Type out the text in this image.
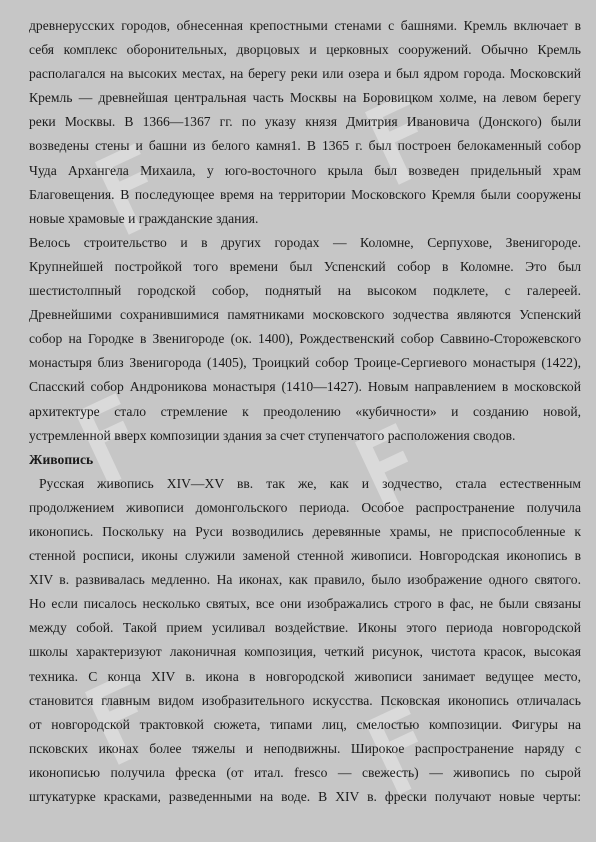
древнерусских городов, обнесенная крепостными стенами с башнями. Кремль включает в
себя комплекс оборонительных, дворцовых и церковных сооружений. Обычно Кремль
располагался на высоких местах, на берегу реки или озера и был ядром города. Московский
Кремль — древнейшая центральная часть Москвы на Боровицком холме, на левом берегу
реки Москвы. В 1366—1367 гг. по указу князя Дмитрия Ивановича (Донского) были
возведены стены и башни из белого камня1. В 1365 г. был построен белокаменный собор
Чуда Архангела Михаила, у юго-восточного крыла был возведен придельный храм
Благовещения. В последующее время на территории Московского Кремля были сооружены
новые храмовые и гражданские здания.

Велось строительство и в других городах — Коломне, Серпухове, Звенигороде.
Крупнейшей постройкой того времени был Успенский собор в Коломне. Это был
шестистолпный городской собор, поднятый на высоком подклете, с галереей.
Древнейшими сохранившимися памятниками московского зодчества являются Успенский
собор на Городке в Звенигороде (ок. 1400), Рождественский собор Саввино-Сторожевского
монастыря близ Звенигорода (1405), Троицкий собор Троице-Сергиевого монастыря (1422),
Спасский собор Андроникова монастыря (1410—1427). Новым направлением в московской
архитектуре стало стремление к преодолению «кубичности» и созданию новой,
устремленной вверх композиции здания за счет ступенчатого расположения сводов.

Живопись

Русская живопись XIV—XV вв. так же, как и зодчество, стала естественным
продолжением живописи домонгольского периода. Особое распространение получила
иконопись. Поскольку на Руси возводились деревянные храмы, не приспособленные к
стенной росписи, иконы служили заменой стенной живописи. Новгородская иконопись в
XIV в. развивалась медленно. На иконах, как правило, было изображение одного святого.
Но если писалось несколько святых, все они изображались строго в фас, не были связаны
между собой. Такой прием усиливал воздействие. Иконы этого периода новгородской
школы характеризуют лаконичная композиция, четкий рисунок, чистота красок, высокая
техника. С конца XIV в. икона в новгородской живописи занимает ведущее место,
становится главным видом изобразительного искусства. Псковская иконопись отличалась
от новгородской трактовкой сюжета, типами лиц, смелостью композиции. Фигуры на
псковских иконах более тяжелы и неподвижны. Широкое распространение наряду с
иконописью получила фреска (от итал. fresco — свежесть) — живопись по сырой
штукатурке красками, разведенными на воде. В XIV в. фрески получают новые черты:
